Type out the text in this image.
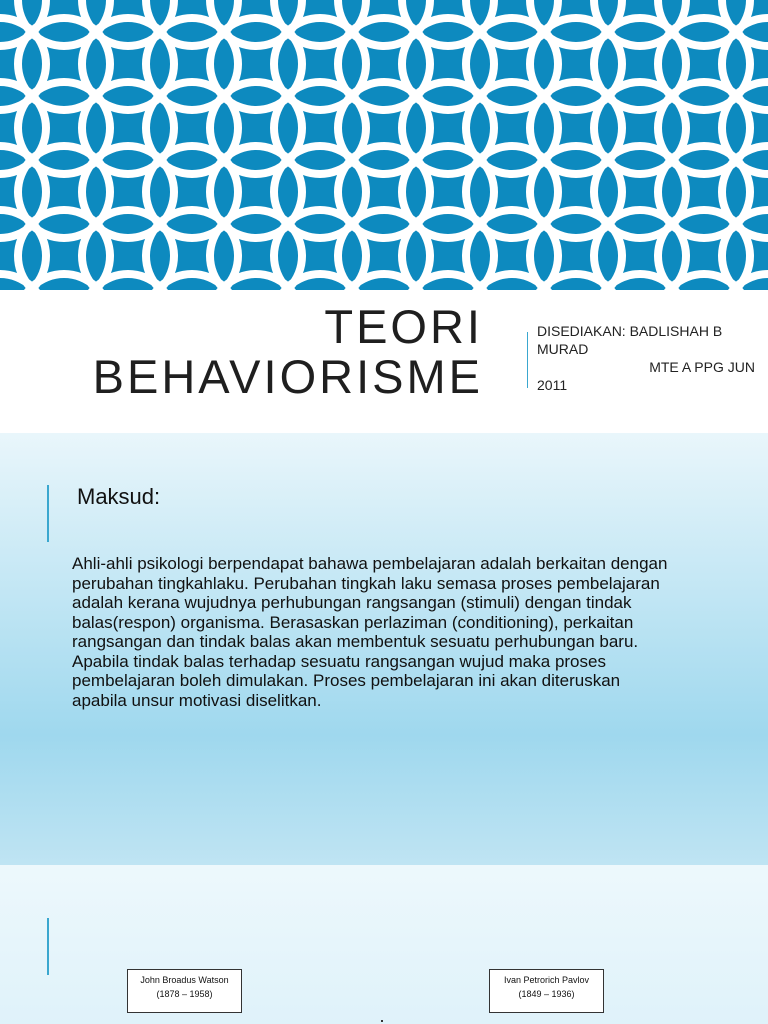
TEORI
BEHAVIORISME
DISEDIAKAN: BADLISHAH B MURAD
MTE A PPG JUN
2011
Maksud:
Ahli-ahli psikologi berpendapat bahawa pembelajaran adalah berkaitan dengan perubahan tingkahlaku. Perubahan tingkah laku semasa proses pembelajaran adalah kerana wujudnya perhubungan rangsangan (stimuli) dengan tindak balas(respon) organisma. Berasaskan perlaziman (conditioning), perkaitan rangsangan dan tindak balas akan membentuk sesuatu perhubungan baru. Apabila tindak balas terhadap sesuatu rangsangan wujud maka proses pembelajaran boleh dimulakan. Proses pembelajaran ini akan diteruskan apabila unsur motivasi diselitkan.
John Broadus Watson
(1878 – 1958)
Ivan Petrorich Pavlov
(1849 – 1936)
